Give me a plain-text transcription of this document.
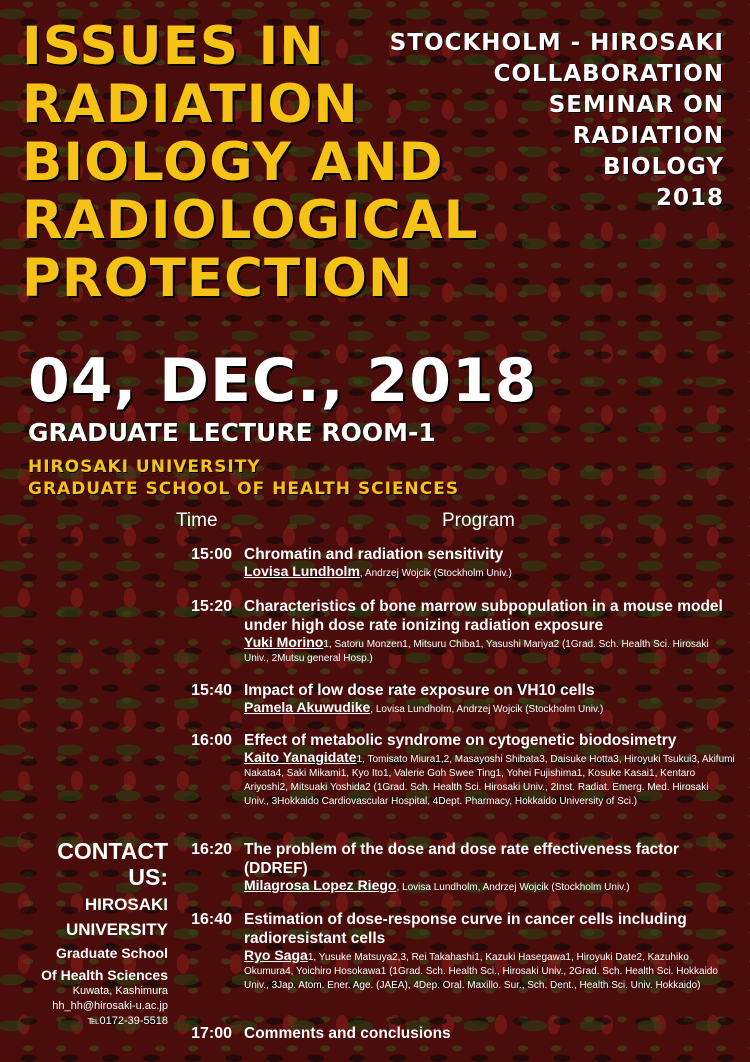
ISSUES IN
RADIATION
BIOLOGY AND
RADIOLOGICAL
PROTECTION
STOCKHOLM - HIROSAKI
COLLABORATION
SEMINAR ON
RADIATION
BIOLOGY
2018
04, DEC., 2018
GRADUATE LECTURE ROOM-1
HIROSAKI UNIVERSITY
GRADUATE SCHOOL OF HEALTH SCIENCES
Time	Program
15:00 Chromatin and radiation sensitivity
Lovisa Lundholm, Andrzej Wojcik (Stockholm Univ.)
15:20 Characteristics of bone marrow subpopulation in a mouse model under high dose rate ionizing radiation exposure
Yuki Morino1, Satoru Monzen1, Mitsuru Chiba1, Yasushi Mariya2 (1Grad. Sch. Health Sci. Hirosaki Univ., 2Mutsu general Hosp.)
15:40 Impact of low dose rate exposure on VH10 cells
Pamela Akuwudike, Lovisa Lundholm, Andrzej Wojcik (Stockholm Univ.)
16:00 Effect of metabolic syndrome on cytogenetic biodosimetry
Kaito Yanagidate1, Tomisato Miura1,2, Masayoshi Shibata3, Daisuke Hotta3, Hiroyuki Tsukui3, Akifumi Nakata4, Saki Mikami1, Kyo Ito1, Valerie Goh Swee Ting1, Yohei Fujishima1, Kosuke Kasai1, Kentaro Ariyoshi2, Mitsuaki Yoshida2 (1Grad. Sch. Health Sci. Hirosaki Univ., 2Inst. Radiat. Emerg. Med. Hirosaki Univ., 3Hokkaido Cardiovascular Hospital, 4Dept. Pharmacy, Hokkaido University of Sci.)
16:20 The problem of the dose and dose rate effectiveness factor (DDREF)
Milagrosa Lopez Riego, Lovisa Lundholm, Andrzej Wojcik (Stockholm Univ.)
16:40 Estimation of dose-response curve in cancer cells including radioresistant cells
Ryo Saga1, Yusuke Matsuya2,3, Rei Takahashi1, Kazuki Hasegawa1, Hiroyuki Date2, Kazuhiko Okumura4, Yoichiro Hosokawa1 (1Grad. Sch. Health Sci., Hirosaki Univ., 2Grad. Sch. Health Sci. Hokkaido Univ., 3Jap. Atom. Ener. Age. (JAEA), 4Dep. Oral. Maxillo. Sur., Sch. Dent., Health Sci. Univ. Hokkaido)
17:00 Comments and conclusions
CONTACT
US:
HIROSAKI
UNIVERSITY
Graduate School
Of Health Sciences
Kuwata, Kashimura
hh_hh@hirosaki-u.ac.jp
℡0172-39-5518
